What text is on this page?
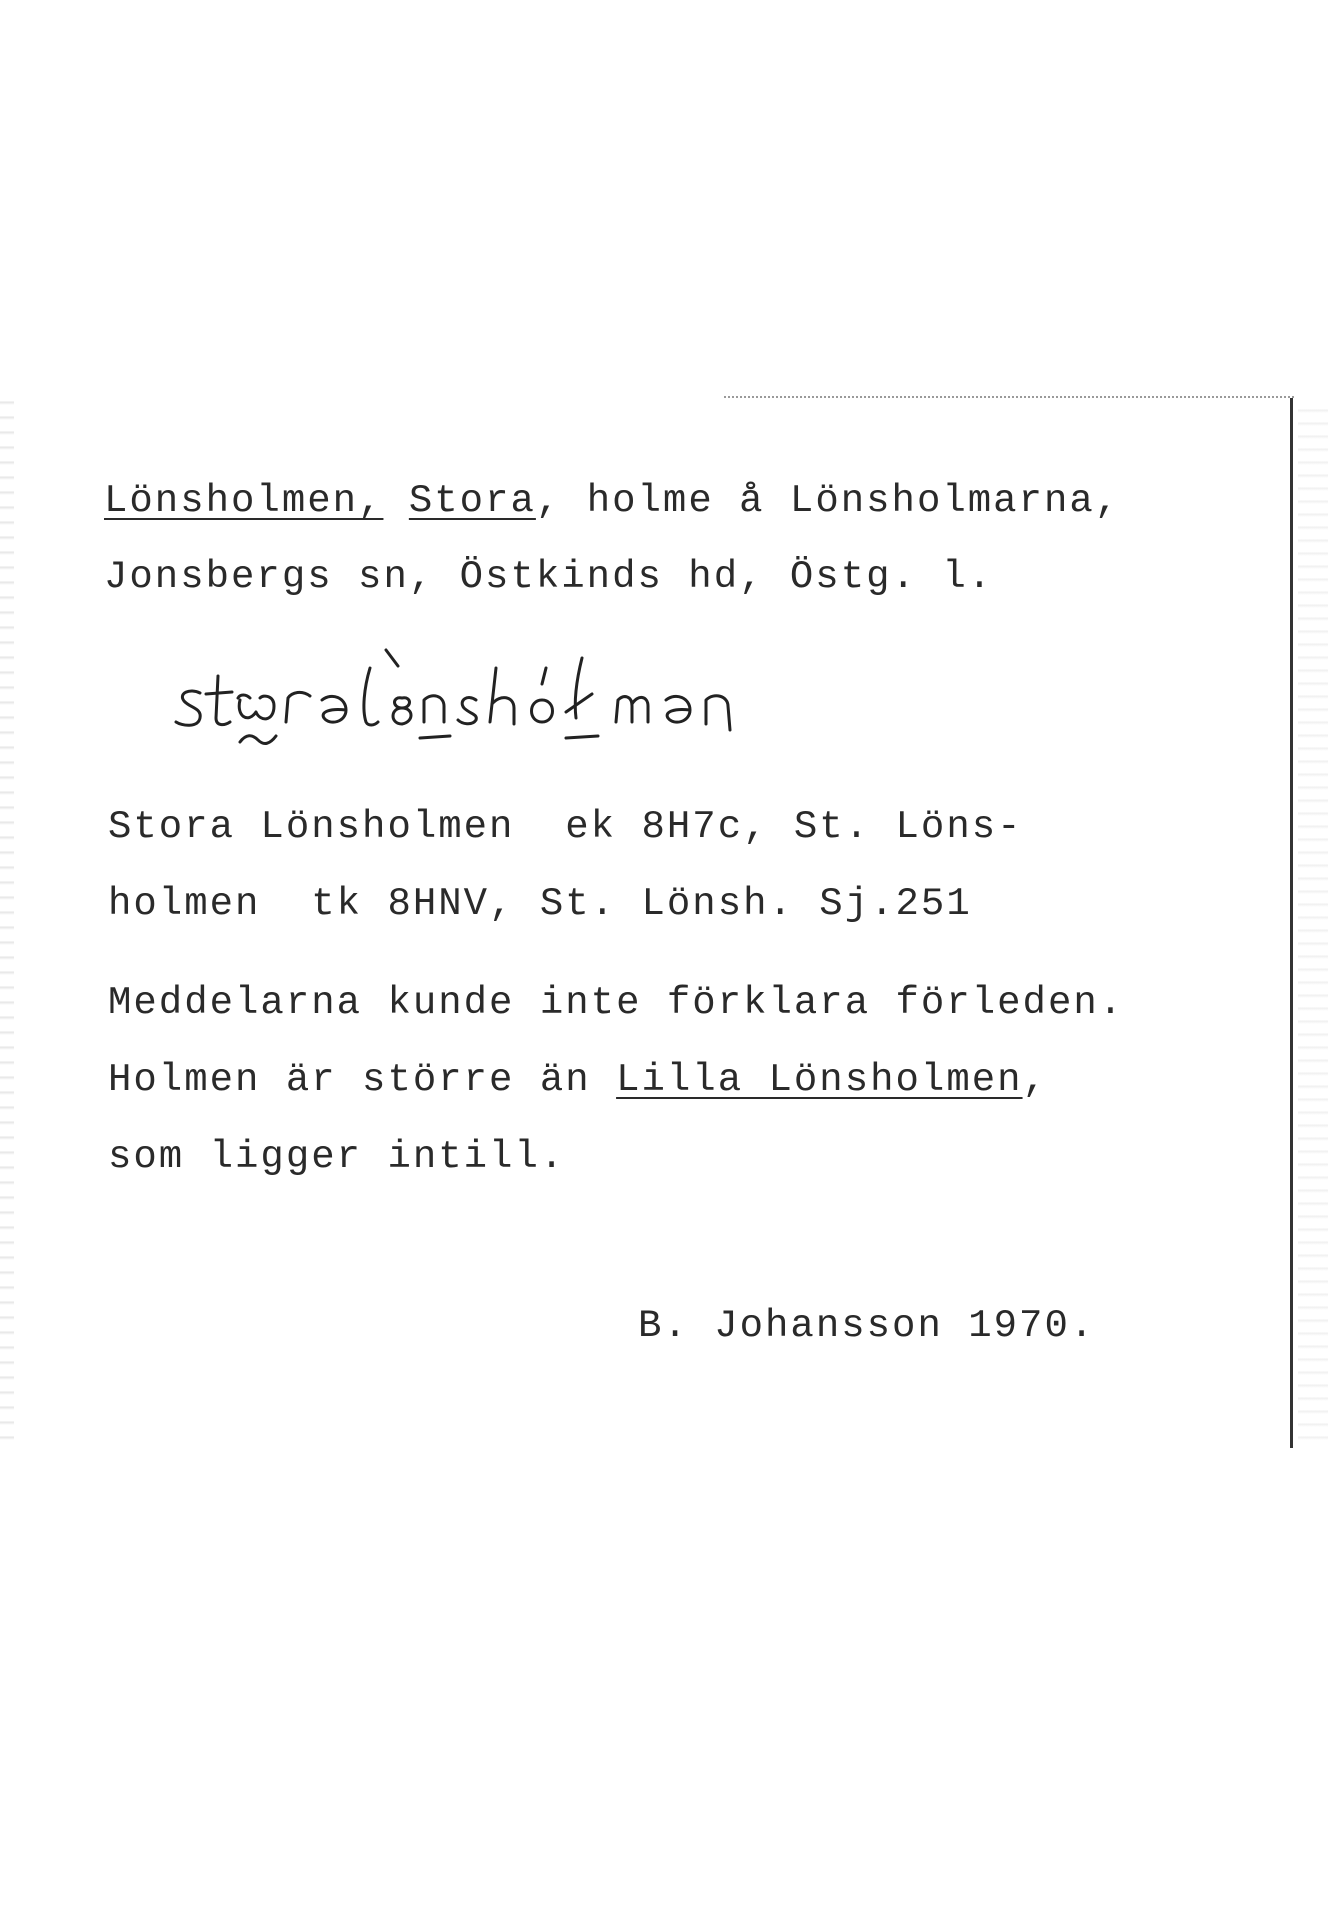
Lönsholmen, Stora, holme å Lönsholmarna,

Jonsbergs sn, Östkinds hd, Östg. l.

Stora Lönsholmen  ek 8H7c, St. Löns-

holmen  tk 8HNV, St. Lönsh. Sj.251

Meddelarna kunde inte förklara förleden.

Holmen är större än Lilla Lönsholmen,

som ligger intill.

B. Johansson 1970.
